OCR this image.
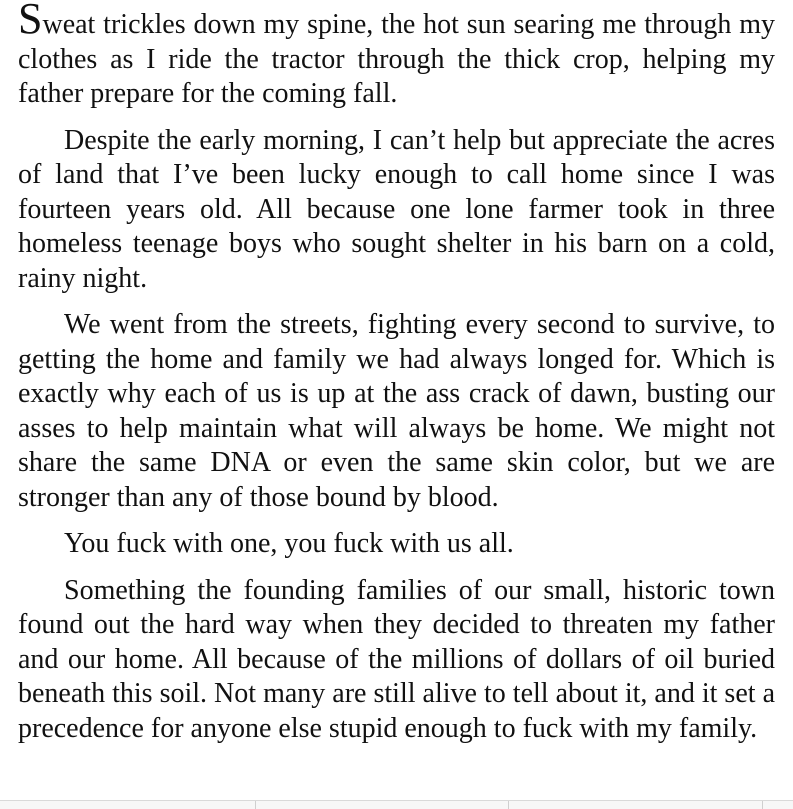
Sweat trickles down my spine, the hot sun searing me through my clothes as I ride the tractor through the thick crop, helping my father prepare for the coming fall.

Despite the early morning, I can’t help but appreciate the acres of land that I’ve been lucky enough to call home since I was fourteen years old. All because one lone farmer took in three homeless teenage boys who sought shelter in his barn on a cold, rainy night.

We went from the streets, fighting every second to survive, to getting the home and family we had always longed for. Which is exactly why each of us is up at the ass crack of dawn, busting our asses to help maintain what will always be home. We might not share the same DNA or even the same skin color, but we are stronger than any of those bound by blood.

You fuck with one, you fuck with us all.

Something the founding families of our small, historic town found out the hard way when they decided to threaten my father and our home. All because of the millions of dollars of oil buried beneath this soil. Not many are still alive to tell about it, and it set a precedence for anyone else stupid enough to fuck with my family.
